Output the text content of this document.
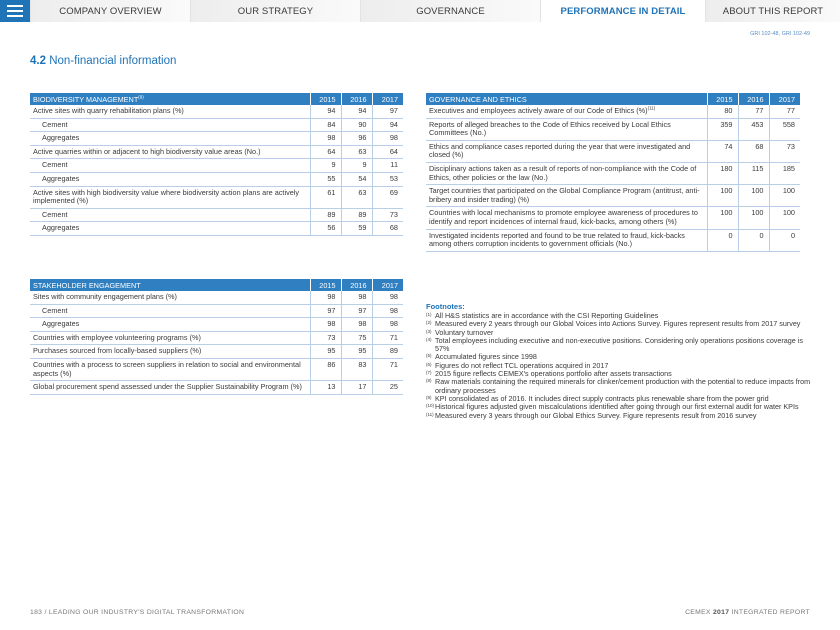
COMPANY OVERVIEW	OUR STRATEGY	GOVERNANCE	PERFORMANCE IN DETAIL	ABOUT THIS REPORT
GRI 102-48, GRI 102-49
4.2 Non-financial information
BIODIVERSITY MANAGEMENT$^{(9)}$	2015	2016	2017
Active sites with quarry rehabilitation plans (%)	94	94	97
Cement	84	90	94
Aggregates	98	96	98
Active quarries within or adjacent to high biodiversity value areas (No.)	64	63	64
Cement	9	9	11
Aggregates	55	54	53
Active sites with high biodiversity value where biodiversity action plans are actively implemented (%)	61	63	69
Cement	89	89	73
Aggregates	56	59	68
STAKEHOLDER ENGAGEMENT	2015	2016	2017
Sites with community engagement plans (%)	98	98	98
Cement	97	97	98
Aggregates	98	98	98
Countries with employee volunteering programs (%)	73	75	71
Purchases sourced from locally-based suppliers (%)	95	95	89
Countries with a process to screen suppliers in relation to social and environmental aspects (%)	86	83	71
Global procurement spend assessed under the Supplier Sustainability Program (%)	13	17	25
GOVERNANCE AND ETHICS	2015	2016	2017
Executives and employees actively aware of our Code of Ethics (%)$^{(11)}$	80	77	77
Reports of alleged breaches to the Code of Ethics received by Local Ethics Committees (No.)	359	453	558
Ethics and compliance cases reported during the year that were investigated and closed (%)	74	68	73
Disciplinary actions taken as a result of reports of non-compliance with the Code of Ethics, other policies or the law (No.)	180	115	185
Target countries that participated on the Global Compliance Program (antitrust, anti-bribery and insider trading) (%)	100	100	100
Countries with local mechanisms to promote employee awareness of procedures to identify and report incidences of internal fraud, kick-backs, among others (%)	100	100	100
Investigated incidents reported and found to be true related to fraud, kick-backs among others corruption incidents to government officials (No.)	0	0	0
Footnotes:
(1) All H&S statistics are in accordance with the CSI Reporting Guidelines
(2) Measured every 2 years through our Global Voices into Actions Survey. Figures represent results from 2017 survey
(3) Voluntary turnover
(4) Total employees including executive and non-executive positions. Considering only operations positions coverage is 57%
(5) Accumulated figures since 1998
(6) Figures do not reflect TCL operations acquired in 2017
(7) 2015 figure reflects CEMEX's operations portfolio after assets transactions
(8) Raw materials containing the required minerals for clinker/cement production with the potential to reduce impacts from ordinary processes
(9) KPI consolidated as of 2016. It includes direct supply contracts plus renewable share from the power grid
(10) Historical figures adjusted given miscalculations identified after going through our first external audit for water KPIs
(11) Measured every 3 years through our Global Ethics Survey. Figure represents result from 2016 survey
183 / LEADING OUR INDUSTRY'S DIGITAL TRANSFORMATION	CEMEX 2017 INTEGRATED REPORT
